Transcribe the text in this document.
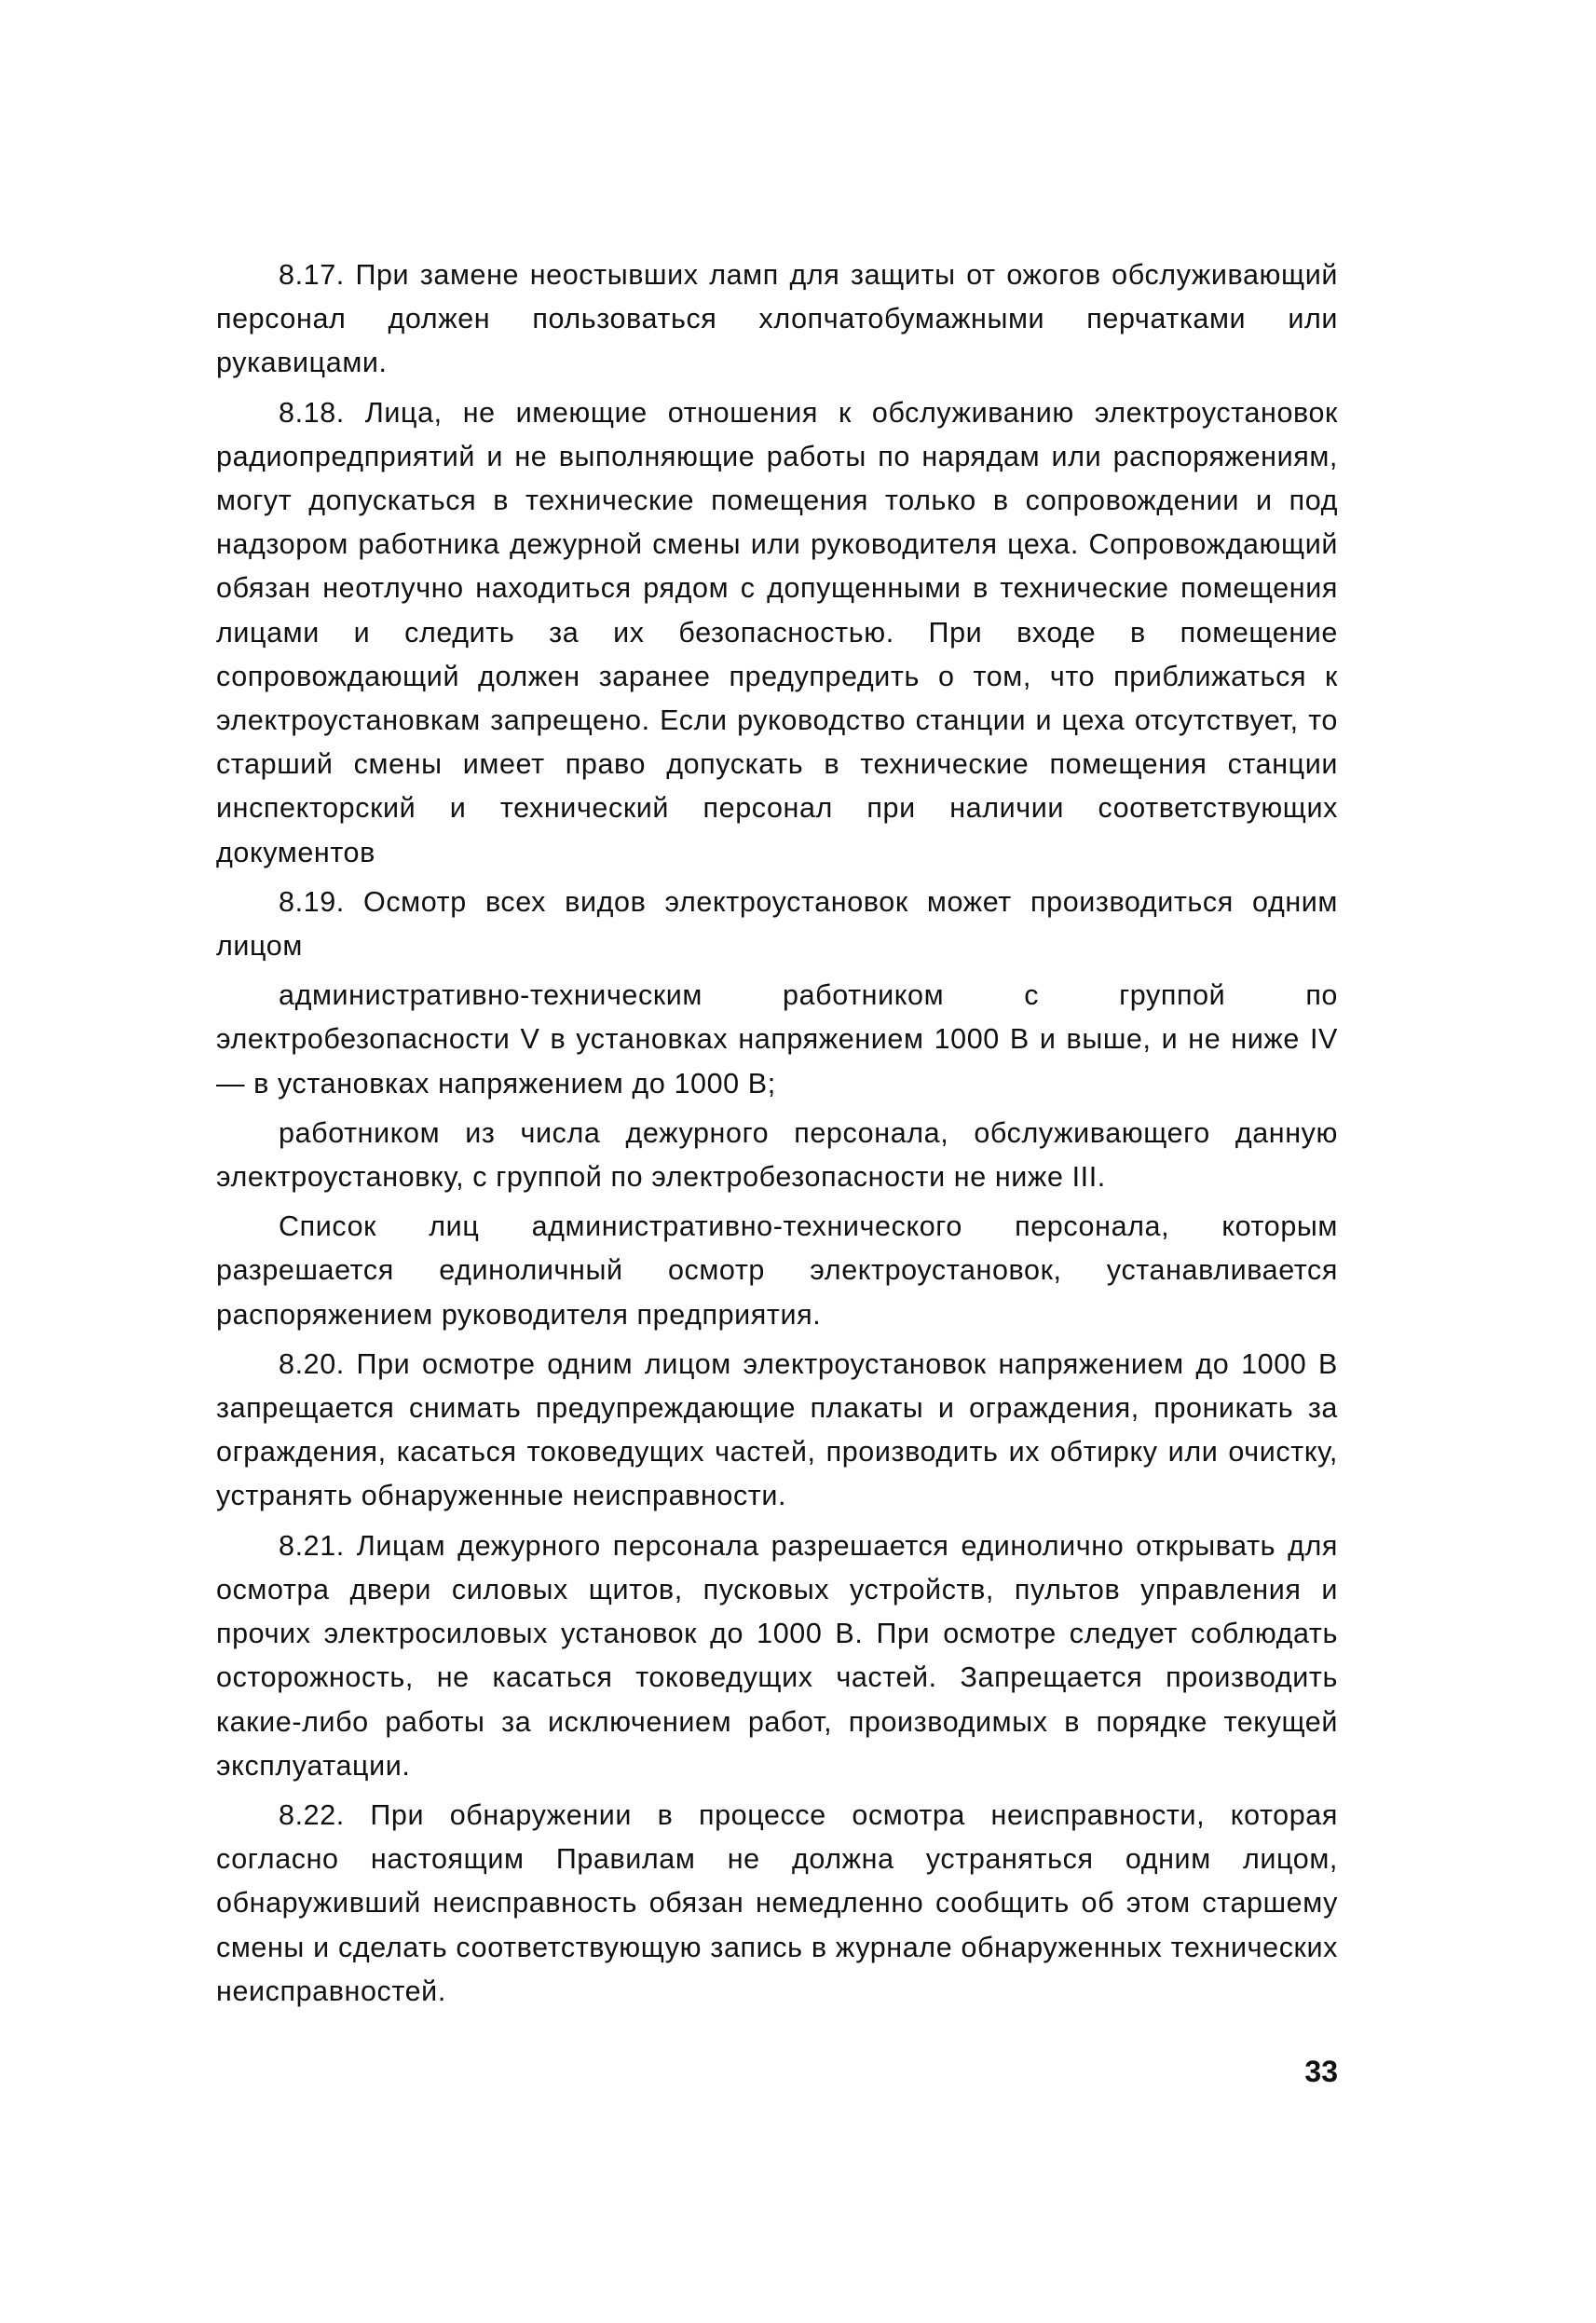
8.17. При замене неостывших ламп для защиты от ожогов обслуживающий персонал должен пользоваться хлопчатобумажными перчатками или рукавицами.

8.18. Лица, не имеющие отношения к обслуживанию электроустановок радиопредприятий и не выполняющие работы по нарядам или распоряжениям, могут допускаться в технические помещения только в сопровождении и под надзором работника дежурной смены или руководителя цеха. Сопровождающий обязан неотлучно находиться рядом с допущенными в технические помещения лицами и следить за их безопасностью. При входе в помещение сопровождающий должен заранее предупредить о том, что приближаться к электроустановкам запрещено. Если руководство станции и цеха отсутствует, то старший смены имеет право допускать в технические помещения станции инспекторский и технический персонал при наличии соответствующих документов

8.19. Осмотр всех видов электроустановок может производиться одним лицом

административно-техническим работником с группой по электробезопасности V в установках напряжением 1000 В и выше, и не ниже IV — в установках напряжением до 1000 В;

работником из числа дежурного персонала, обслуживающего данную электроустановку, с группой по электробезопасности не ниже III.

Список лиц административно-технического персонала, которым разрешается единоличный осмотр электроустановок, устанавливается распоряжением руководителя предприятия.

8.20. При осмотре одним лицом электроустановок напряжением до 1000 В запрещается снимать предупреждающие плакаты и ограждения, проникать за ограждения, касаться токоведущих частей, производить их обтирку или очистку, устранять обнаруженные неисправности.

8.21. Лицам дежурного персонала разрешается единолично открывать для осмотра двери силовых щитов, пусковых устройств, пультов управления и прочих электросиловых установок до 1000 В. При осмотре следует соблюдать осторожность, не касаться токоведущих частей. Запрещается производить какие-либо работы за исключением работ, производимых в порядке текущей эксплуатации.

8.22. При обнаружении в процессе осмотра неисправности, которая согласно настоящим Правилам не должна устраняться одним лицом, обнаруживший неисправность обязан немедленно сообщить об этом старшему смены и сделать соответствующую запись в журнале обнаруженных технических неисправностей.

33
